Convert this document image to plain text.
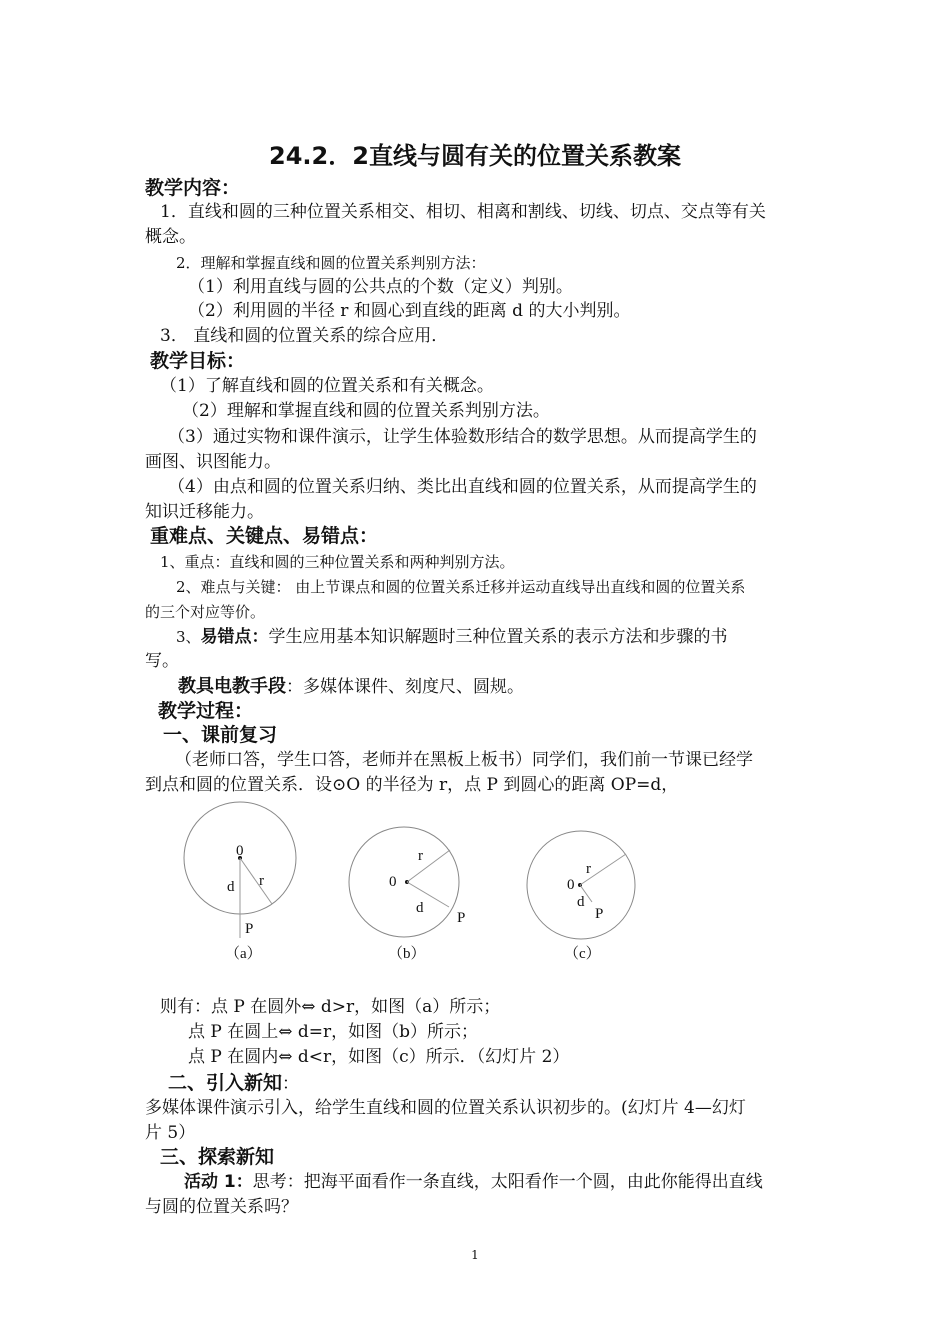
24.2．2直线与圆有关的位置关系教案
教学内容：
1．直线和圆的三种位置关系相交、相切、相离和割线、切线、切点、交点等有关
概念。
2．理解和掌握直线和圆的位置关系判别方法：
（1）利用直线与圆的公共点的个数（定义）判别。
（2）利用圆的半径 r 和圆心到直线的距离 d 的大小判别。
3． 直线和圆的位置关系的综合应用．
教学目标：
（1）了解直线和圆的位置关系和有关概念。
（2）理解和掌握直线和圆的位置关系判别方法。
（3）通过实物和课件演示，让学生体验数形结合的数学思想。从而提高学生的
画图、识图能力。
（4）由点和圆的位置关系归纳、类比出直线和圆的位置关系，从而提高学生的
知识迁移能力。
重难点、关键点、易错点：
1、重点：直线和圆的三种位置关系和两种判别方法。
2、难点与关键： 由上节课点和圆的位置关系迁移并运动直线导出直线和圆的位置关系
的三个对应等价。
3、易错点：学生应用基本知识解题时三种位置关系的表示方法和步骤的书
写。
教具电教手段：多媒体课件、刻度尺、圆规。
教学过程：
一、课前复习
（老师口答，学生口答，老师并在黑板上板书）同学们，我们前一节课已经学
到点和圆的位置关系．设⊙O 的半径为 r，点 P 到圆心的距离 OP=d，
0
d r
P
（a）
0
r
d
P
（b）
0
r
d
P
（c）
则有：点 P 在圆外⇔ d>r，如图（a）所示；
点 P 在圆上⇔ d=r，如图（b）所示；
点 P 在圆内⇔ d<r，如图（c）所示．（幻灯片 2）
二、引入新知：
多媒体课件演示引入，给学生直线和圆的位置关系认识初步的。(幻灯片 4—幻灯
片 5）
三、探索新知
活动 1：思考：把海平面看作一条直线，太阳看作一个圆，由此你能得出直线
与圆的位置关系吗？
1
